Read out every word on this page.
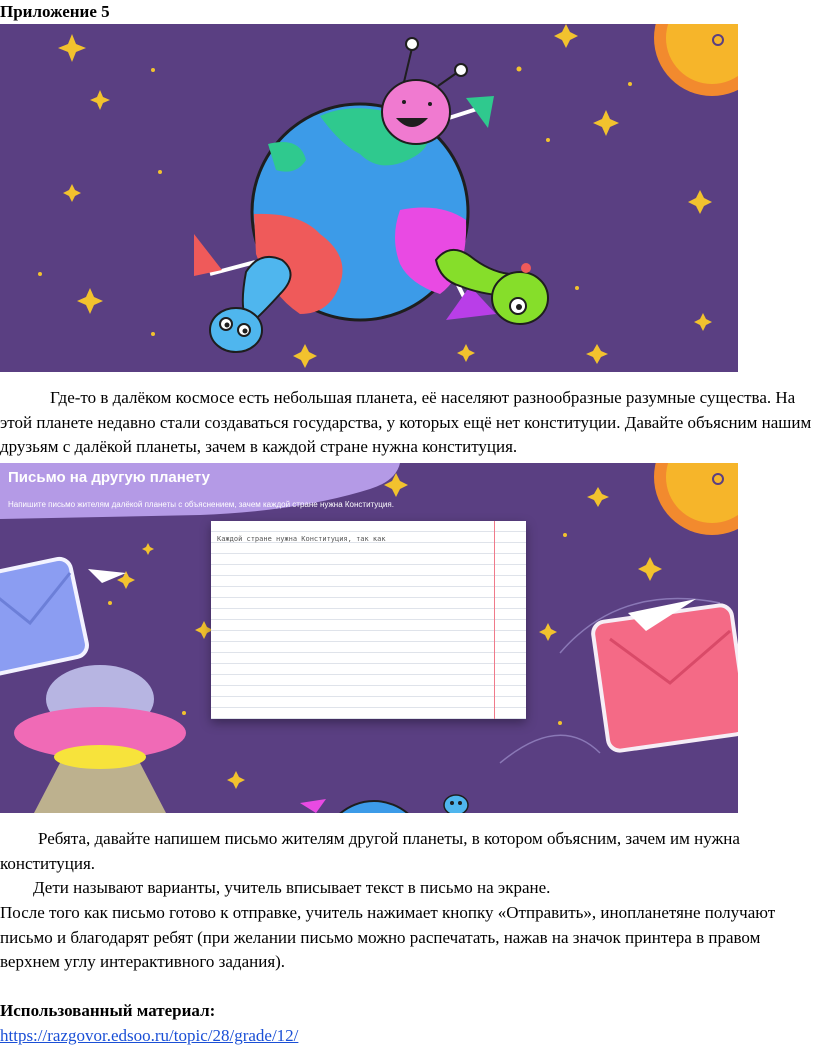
Приложение 5
Где-то в далёком космосе есть небольшая планета, её населяют разнообразные разумные существа. На этой планете недавно стали создаваться государства, у которых ещё нет конституции. Давайте объясним нашим друзьям с далёкой планеты, зачем в каждой стране нужна конституция.
Письмо на другую планету
Напишите письмо жителям далёкой планеты с объяснением, зачем каждой стране нужна Конституция.
Каждой стране нужна Конституция, так как
Ребята, давайте напишем письмо жителям другой планеты, в котором объясним, зачем им нужна конституция.
Дети называют варианты, учитель вписывает текст в письмо на экране.
После того как письмо готово к отправке, учитель нажимает кнопку «Отправить», инопланетяне получают письмо и благодарят ребят (при желании письмо можно распечатать, нажав на значок принтера в правом верхнем углу интерактивного задания).
Использованный материал:
https://razgovor.edsoo.ru/topic/28/grade/12/
